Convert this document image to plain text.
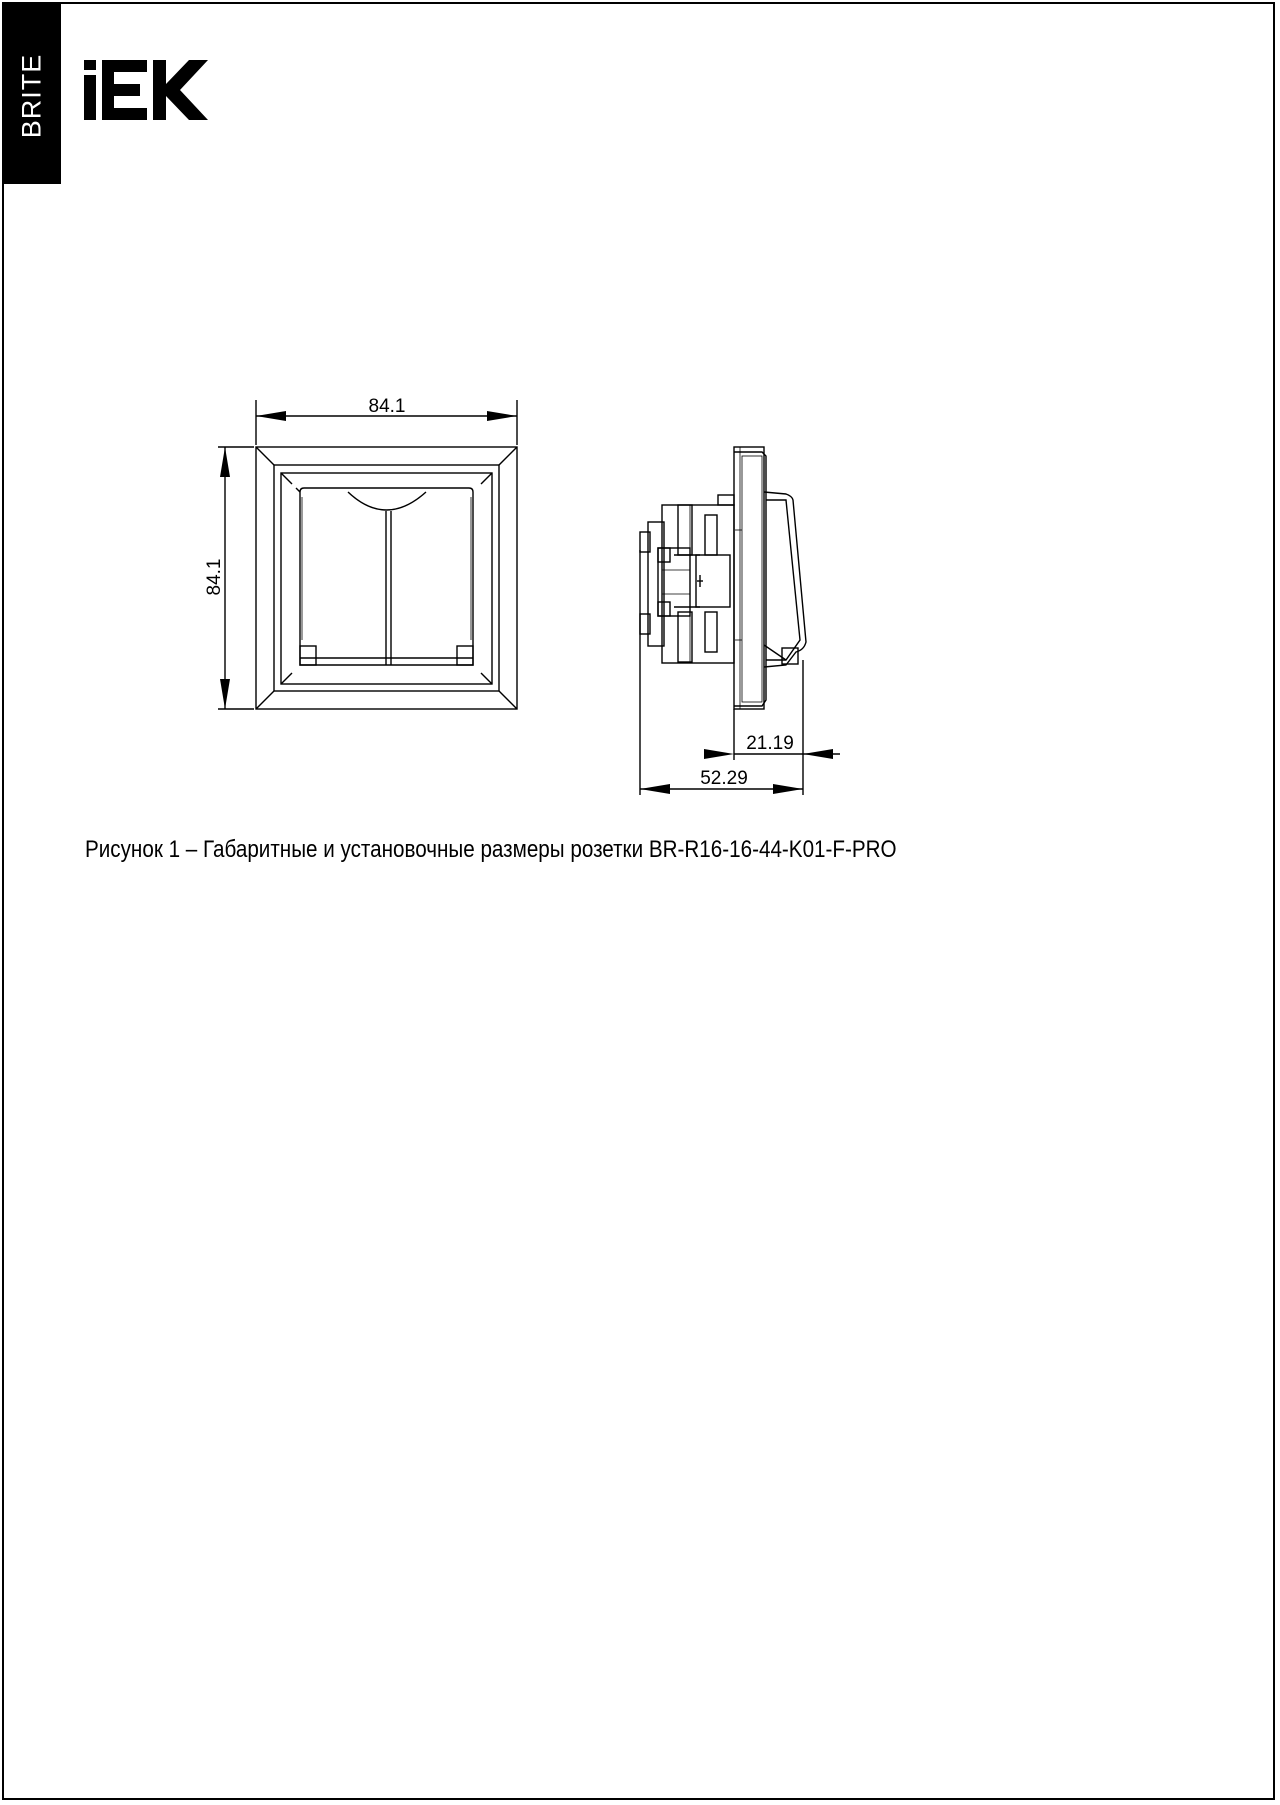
BRITE
84.1
84.1
21.19
52.29

Рисунок 1 – Габаритные и установочные размеры розетки BR-R16-16-44-K01-F-PRO
